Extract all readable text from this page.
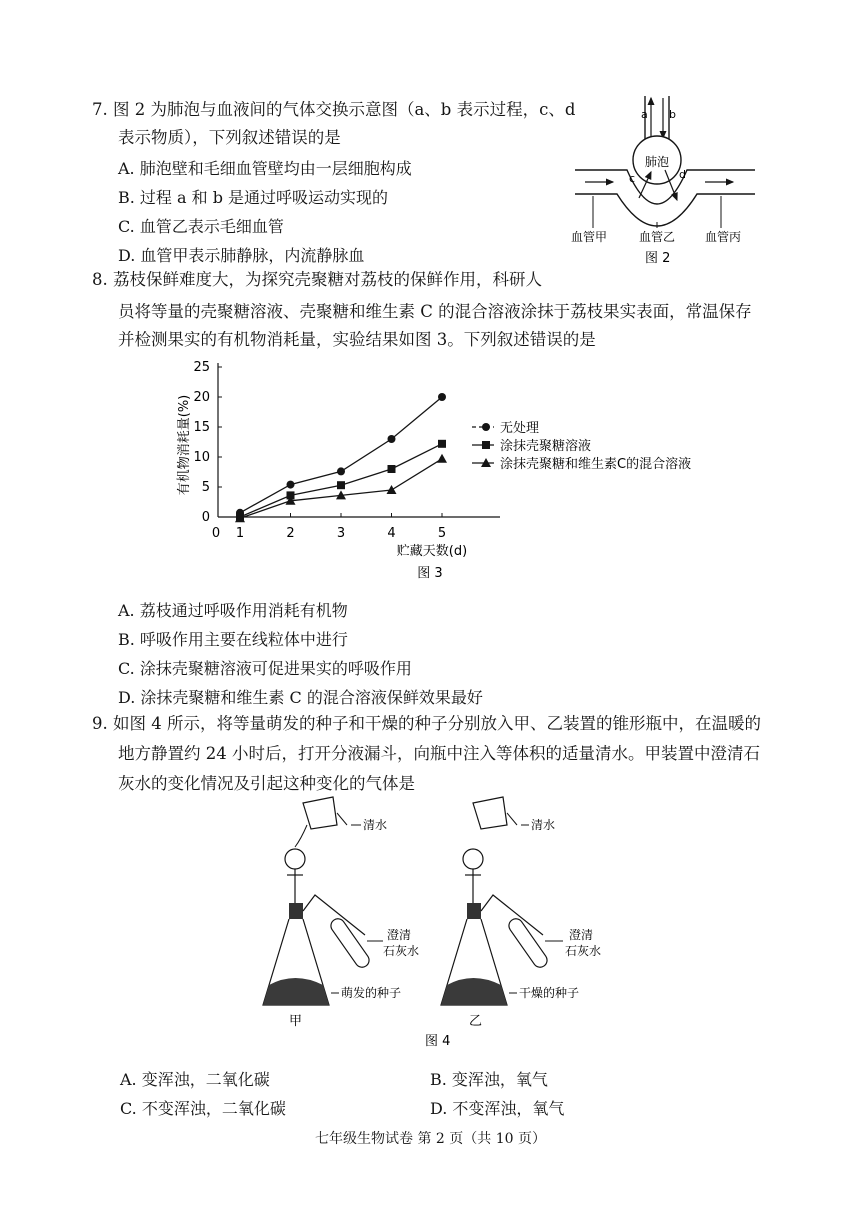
7. 图 2 为肺泡与血液间的气体交换示意图（a、b 表示过程，c、d
表示物质），下列叙述错误的是
A. 肺泡壁和毛细血管壁均由一层细胞构成
B. 过程 a 和 b 是通过呼吸运动实现的
C. 血管乙表示毛细血管
D. 血管甲表示肺静脉，内流静脉血
a b
c	d
肺泡
血管甲	血管乙 血管丙
图 2
8. 荔枝保鲜难度大，为探究壳聚糖对荔枝的保鲜作用，科研人
员将等量的壳聚糖溶液、壳聚糖和维生素 C 的混合溶液涂抹于荔枝果实表面，常温保存
并检测果实的有机物消耗量，实验结果如图 3。下列叙述错误的是
有机物消耗量(%)
贮藏天数(d)
图 3
0
0
5
10
15
20
25
1	2	3	4	5
无处理
涂抹壳聚糖溶液
涂抹壳聚糖和维生素C的混合溶液
A. 荔枝通过呼吸作用消耗有机物
B. 呼吸作用主要在线粒体中进行
C. 涂抹壳聚糖溶液可促进果实的呼吸作用
D. 涂抹壳聚糖和维生素 C 的混合溶液保鲜效果最好
9. 如图 4 所示，将等量萌发的种子和干燥的种子分别放入甲、乙装置的锥形瓶中，在温暖的
地方静置约 24 小时后，打开分液漏斗，向瓶中注入等体积的适量清水。甲装置中澄清石
灰水的变化情况及引起这种变化的气体是
清水
澄清
石灰水
萌发的种子
甲
清水
澄清
石灰水
干燥的种子
乙
图 4
A. 变浑浊，二氧化碳	B. 变浑浊，氧气
C. 不变浑浊，二氧化碳	D. 不变浑浊，氧气
七年级生物试卷 第 2 页（共 10 页）
